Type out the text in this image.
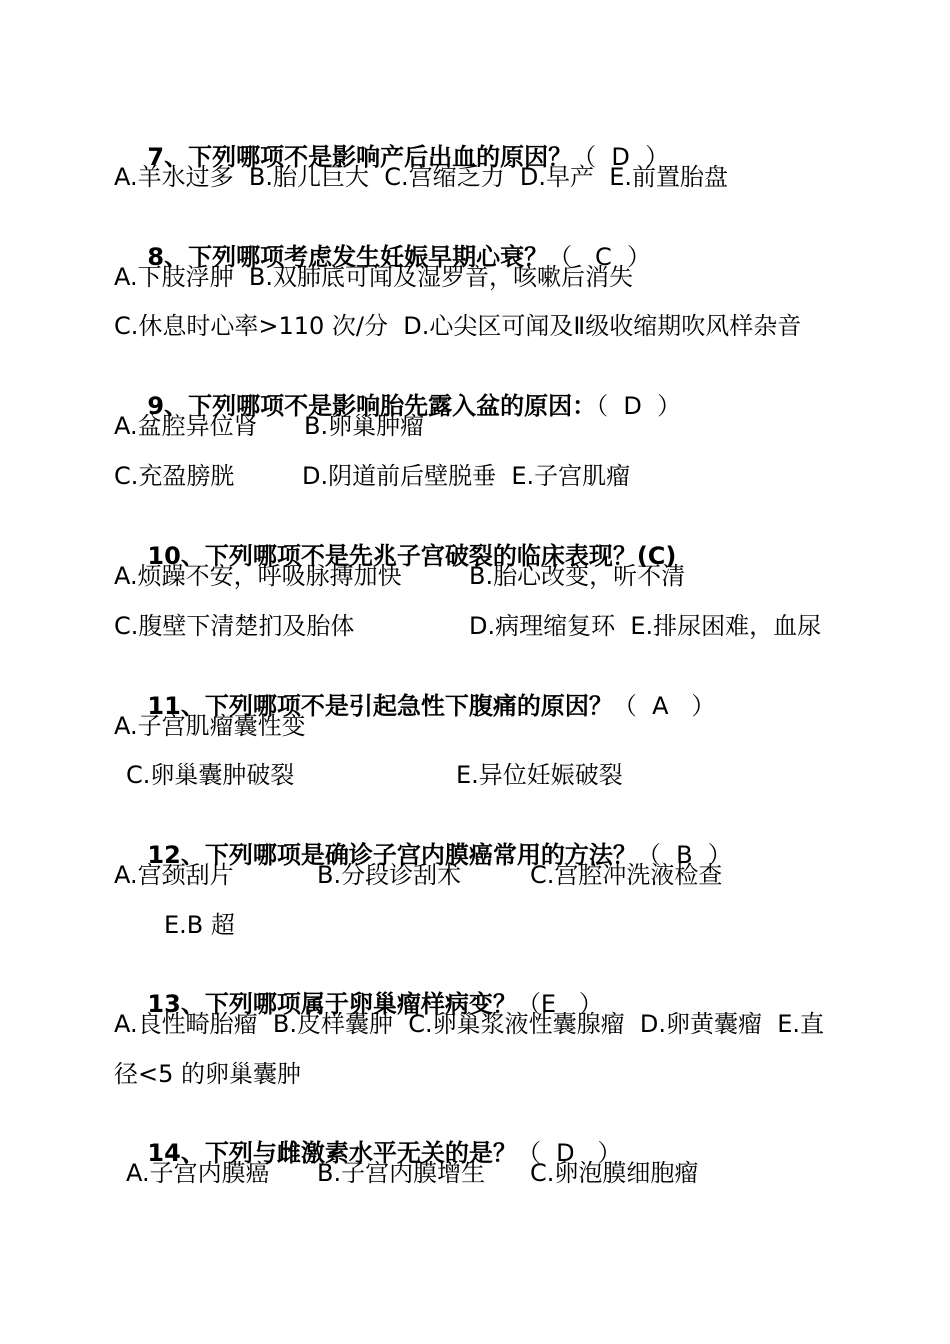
7、下列哪项不是影响产后出血的原因？（  D  ）

A.羊水过多  B.胎儿巨大  C.宫缩乏力  D.早产  E.前置胎盘

8、下列哪项考虑发生妊娠早期心衰？（   C  ）

A.下肢浮肿  B.双肺底可闻及湿罗音，咳嗽后消失
C.休息时心率>110 次/分  D.心尖区可闻及Ⅱ级收缩期吹风样杂音

9、下列哪项不是影响胎先露入盆的原因：（  D  ）

A.盆腔异位肾

B.卵巢肿瘤

C.充盈膀胱

	D.阴道前后壁脱垂  E.子宫肌瘤

10、下列哪项不是先兆子宫破裂的临床表现？(C)

A.烦躁不安，呼吸脉搏加快

	B.胎心改变，听不清

C.腹壁下清楚扪及胎体

	D.病理缩复环  E.排尿困难，血尿

11、下列哪项不是引起急性下腹痛的原因？（  A   ）

A.子宫肌瘤囊性变

C.卵巢囊肿破裂

	E.异位妊娠破裂

12、下列哪项是确诊子宫内膜癌常用的方法？（  B  ）

A.宫颈刮片

	B.分段诊刮术

	C.宫腔冲洗液检查

E.B 超

13、下列哪项属于卵巢瘤样病变？（E   ）

A.良性畸胎瘤  B.皮样囊肿  C.卵巢浆液性囊腺瘤  D.卵黄囊瘤  E.直
径<5 的卵巢囊肿

14、下列与雌激素水平无关的是？（  D   ）

A.子宫内膜癌

B.子宫内膜增生

C.卵泡膜细胞瘤
